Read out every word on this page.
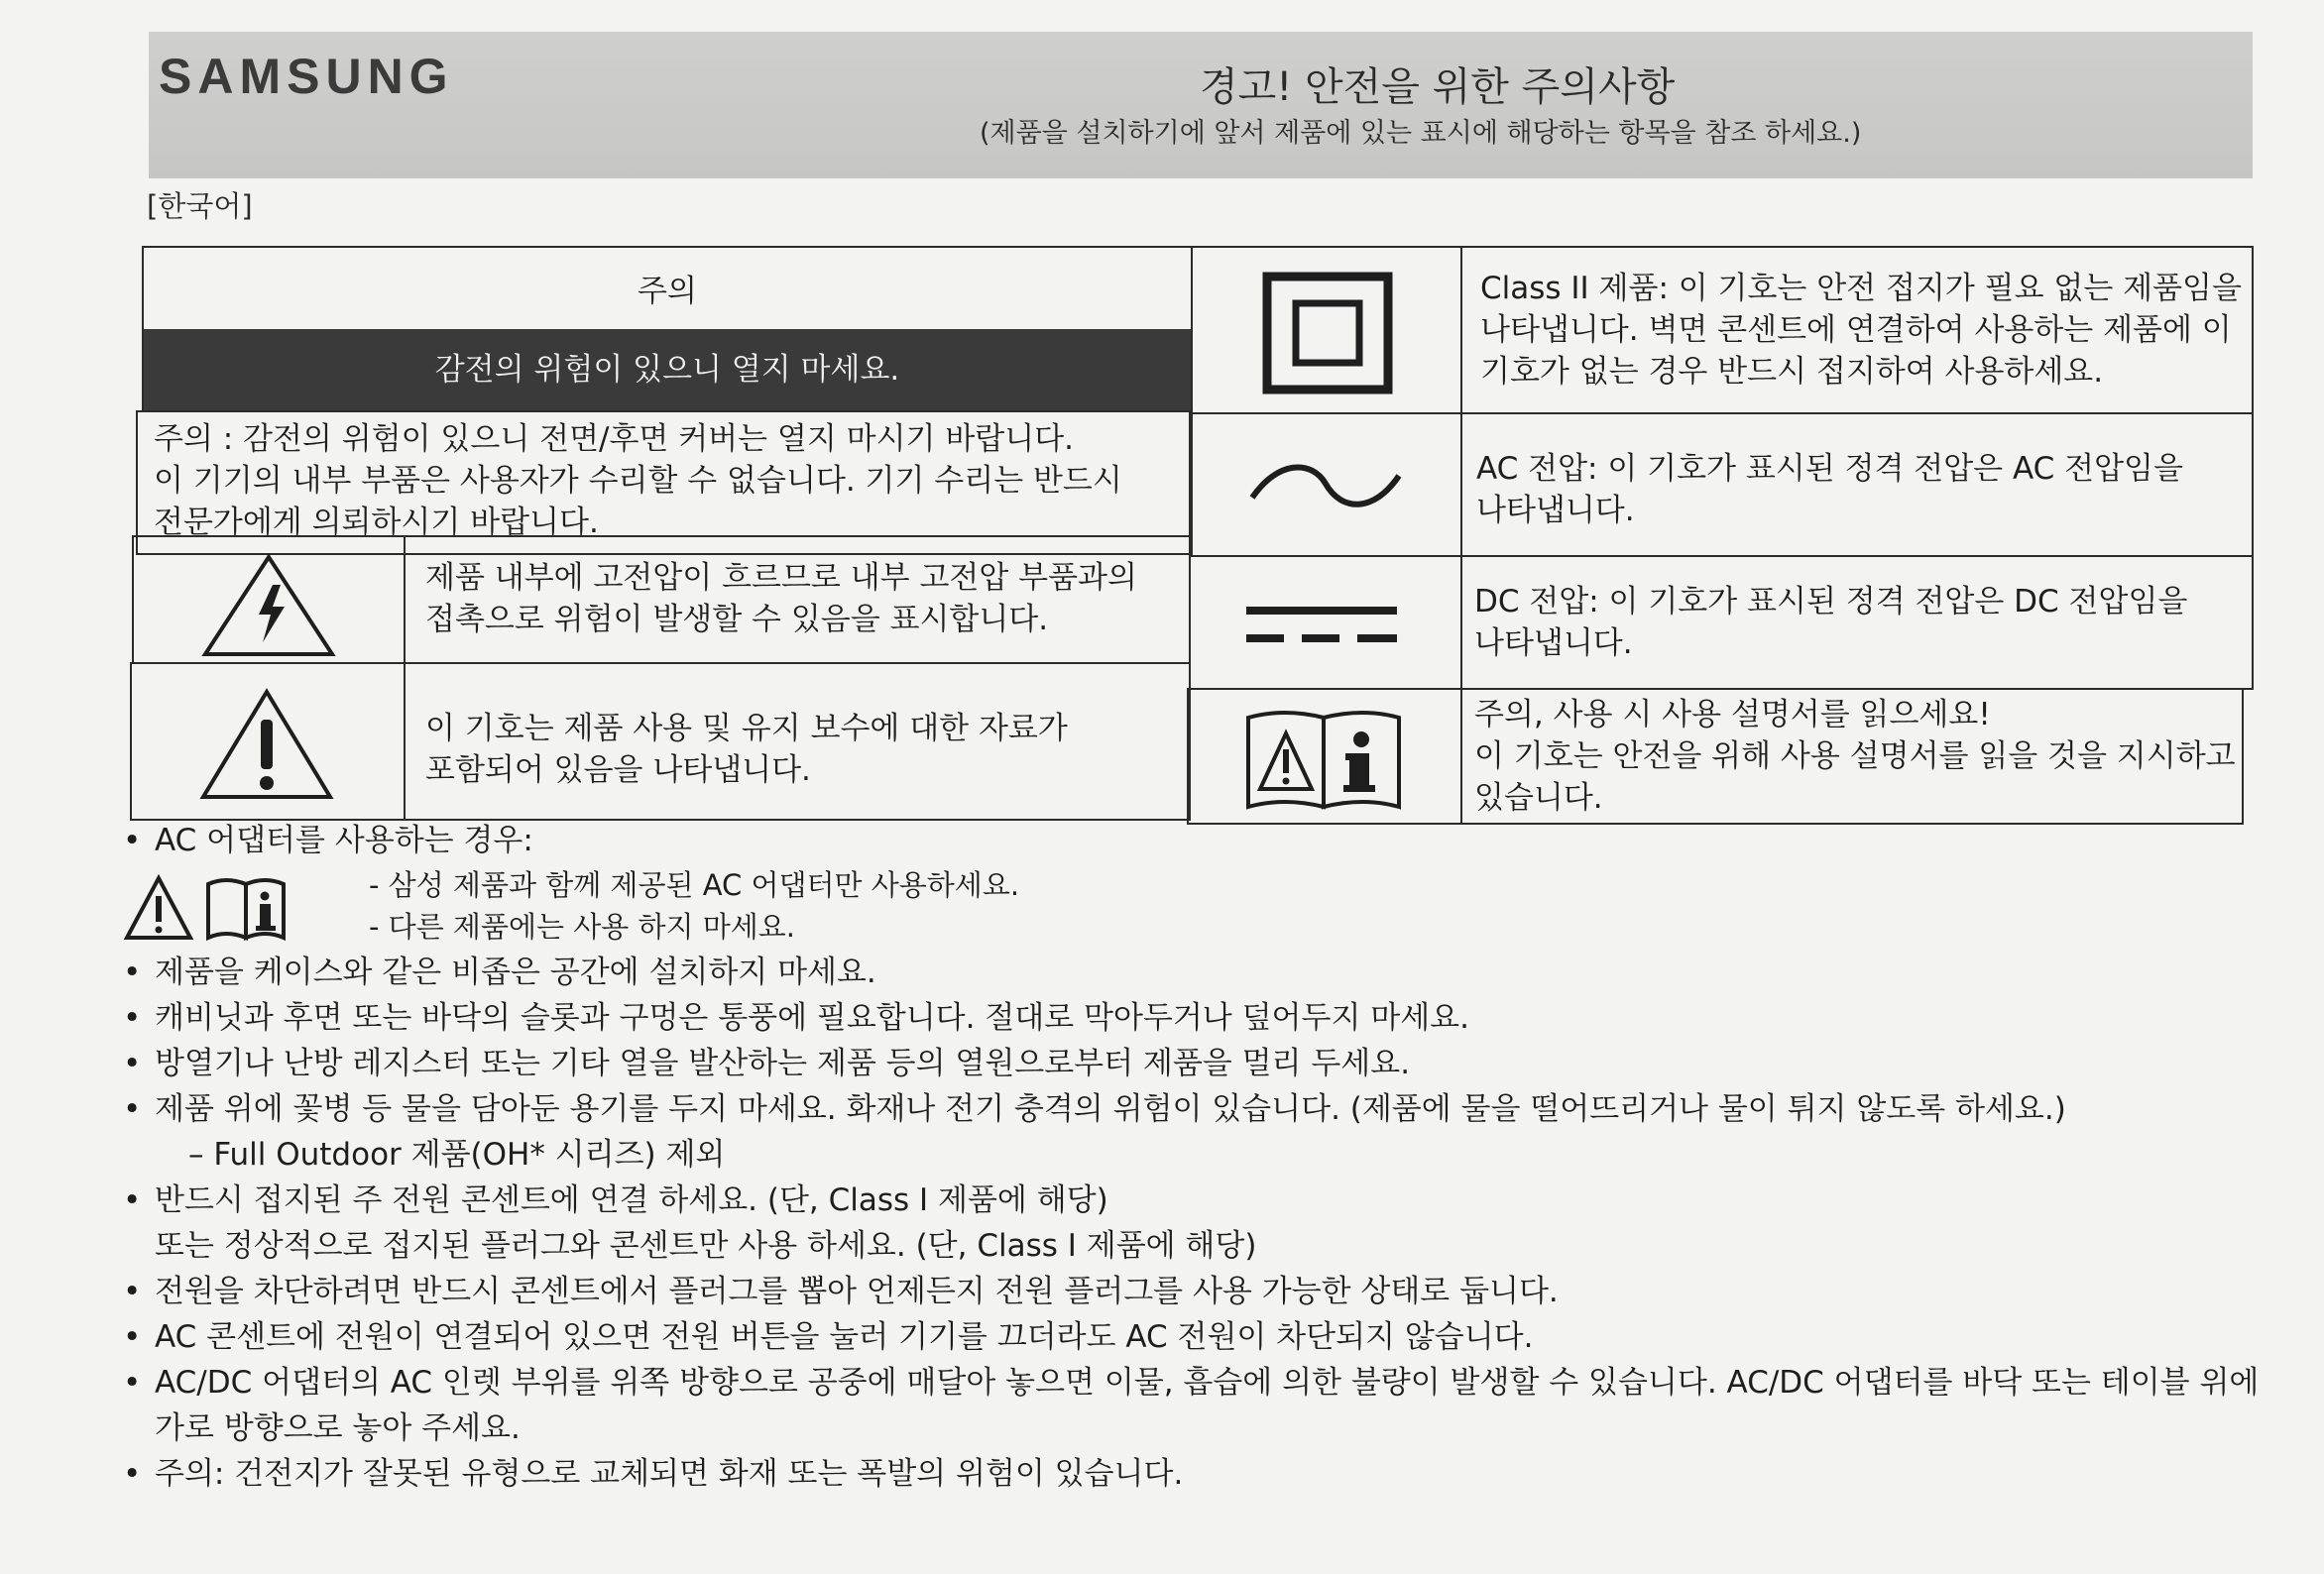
SAMSUNG	경고! 안전을 위한 주의사항
(제품을 설치하기에 앞서 제품에 있는 표시에 해당하는 항목을 참조 하세요.)
[한국어]
주의
감전의 위험이 있으니 열지 마세요.
주의 : 감전의 위험이 있으니 전면/후면 커버는 열지 마시기 바랍니다.
이 기기의 내부 부품은 사용자가 수리할 수 없습니다. 기기 수리는 반드시
전문가에게 의뢰하시기 바랍니다.
제품 내부에 고전압이 흐르므로 내부 고전압 부품과의
접촉으로 위험이 발생할 수 있음을 표시합니다.
이 기호는 제품 사용 및 유지 보수에 대한 자료가
포함되어 있음을 나타냅니다.
Class II 제품: 이 기호는 안전 접지가 필요 없는 제품임을
나타냅니다. 벽면 콘센트에 연결하여 사용하는 제품에 이
기호가 없는 경우 반드시 접지하여 사용하세요.
AC 전압: 이 기호가 표시된 정격 전압은 AC 전압임을
나타냅니다.
DC 전압: 이 기호가 표시된 정격 전압은 DC 전압임을
나타냅니다.
주의, 사용 시 사용 설명서를 읽으세요!
이 기호는 안전을 위해 사용 설명서를 읽을 것을 지시하고
있습니다.
• AC 어댑터를 사용하는 경우:
- 삼성 제품과 함께 제공된 AC 어댑터만 사용하세요.
- 다른 제품에는 사용 하지 마세요.
• 제품을 케이스와 같은 비좁은 공간에 설치하지 마세요.
• 캐비닛과 후면 또는 바닥의 슬롯과 구멍은 통풍에 필요합니다. 절대로 막아두거나 덮어두지 마세요.
• 방열기나 난방 레지스터 또는 기타 열을 발산하는 제품 등의 열원으로부터 제품을 멀리 두세요.
• 제품 위에 꽃병 등 물을 담아둔 용기를 두지 마세요. 화재나 전기 충격의 위험이 있습니다. (제품에 물을 떨어뜨리거나 물이 튀지 않도록 하세요.)
– Full Outdoor 제품(OH* 시리즈) 제외
• 반드시 접지된 주 전원 콘센트에 연결 하세요. (단, Class I 제품에 해당)
또는 정상적으로 접지된 플러그와 콘센트만 사용 하세요. (단, Class I 제품에 해당)
• 전원을 차단하려면 반드시 콘센트에서 플러그를 뽑아 언제든지 전원 플러그를 사용 가능한 상태로 둡니다.
• AC 콘센트에 전원이 연결되어 있으면 전원 버튼을 눌러 기기를 끄더라도 AC 전원이 차단되지 않습니다.
• AC/DC 어댑터의 AC 인렛 부위를 위쪽 방향으로 공중에 매달아 놓으면 이물, 흡습에 의한 불량이 발생할 수 있습니다. AC/DC 어댑터를 바닥 또는 테이블 위에
가로 방향으로 놓아 주세요.
• 주의: 건전지가 잘못된 유형으로 교체되면 화재 또는 폭발의 위험이 있습니다.
